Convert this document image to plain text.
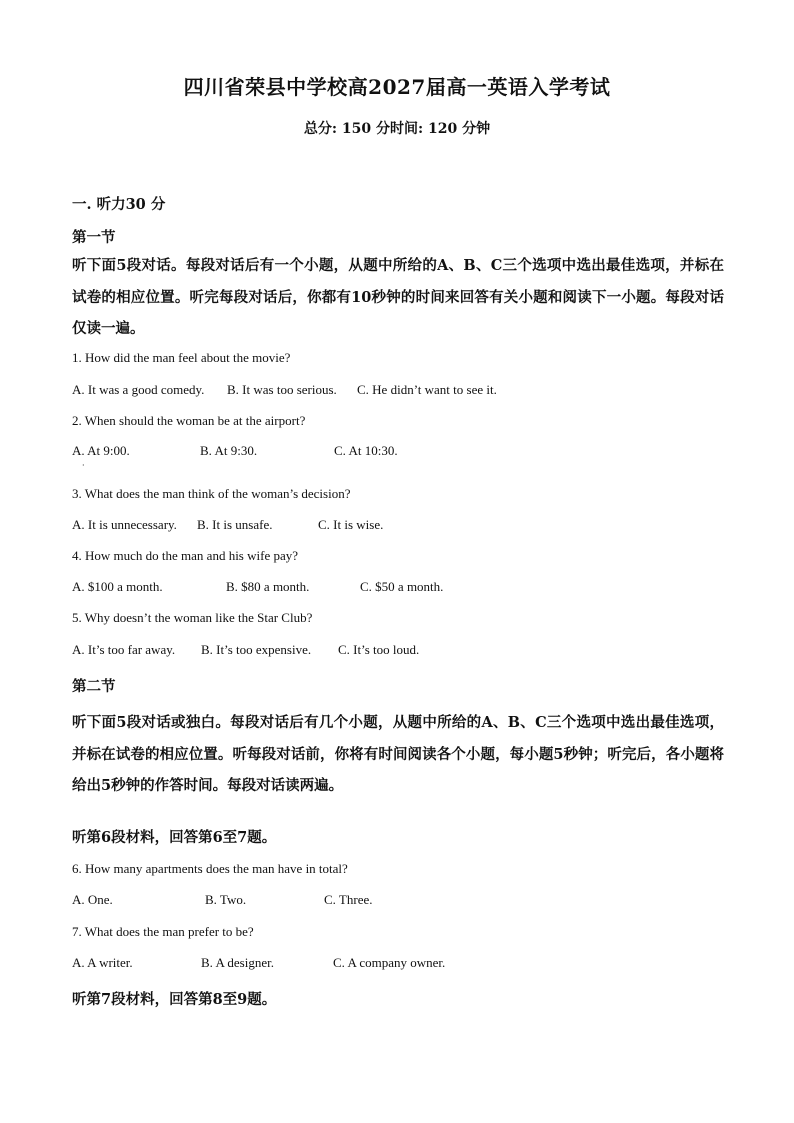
四川省荣县中学校高2027届高一英语入学考试
总分: 150 分时间: 120 分钟
一. 听力30 分
第一节
听下面5段对话。每段对话后有一个小题，从题中所给的A、B、C三个选项中选出最佳选项，并标在试卷的相应位置。听完每段对话后，你都有10秒钟的时间来回答有关小题和阅读下一小题。每段对话仅读一遍。
1. How did the man feel about the movie?
A. It was a good comedy. B. It was too serious. C. He didn’t want to see it.
2. When should the woman be at the airport?
A. At 9:00.	B. At 9:30.	C. At 10:30.
·
3. What does the man think of the woman’s decision?
A. It is unnecessary. B. It is unsafe.	C. It is wise.
4. How much do the man and his wife pay?
A. $100 a month.	B. $80 a month.	C. $50 a month.
5. Why doesn’t the woman like the Star Club?
A. It’s too far away. B. It’s too expensive. C. It’s too loud.
第二节
听下面5段对话或独白。每段对话后有几个小题，从题中所给的A、B、C三个选项中选出最佳选项，并标在试卷的相应位置。听每段对话前，你将有时间阅读各个小题，每小题5秒钟；听完后，各小题将给出5秒钟的作答时间。每段对话读两遍。
听第6段材料，回答第6至7题。
6. How many apartments does the man have in total?
A. One.	B. Two.	C. Three.
7. What does the man prefer to be?
A. A writer.	B. A designer.	C. A company owner.
听第7段材料，回答第8至9题。
